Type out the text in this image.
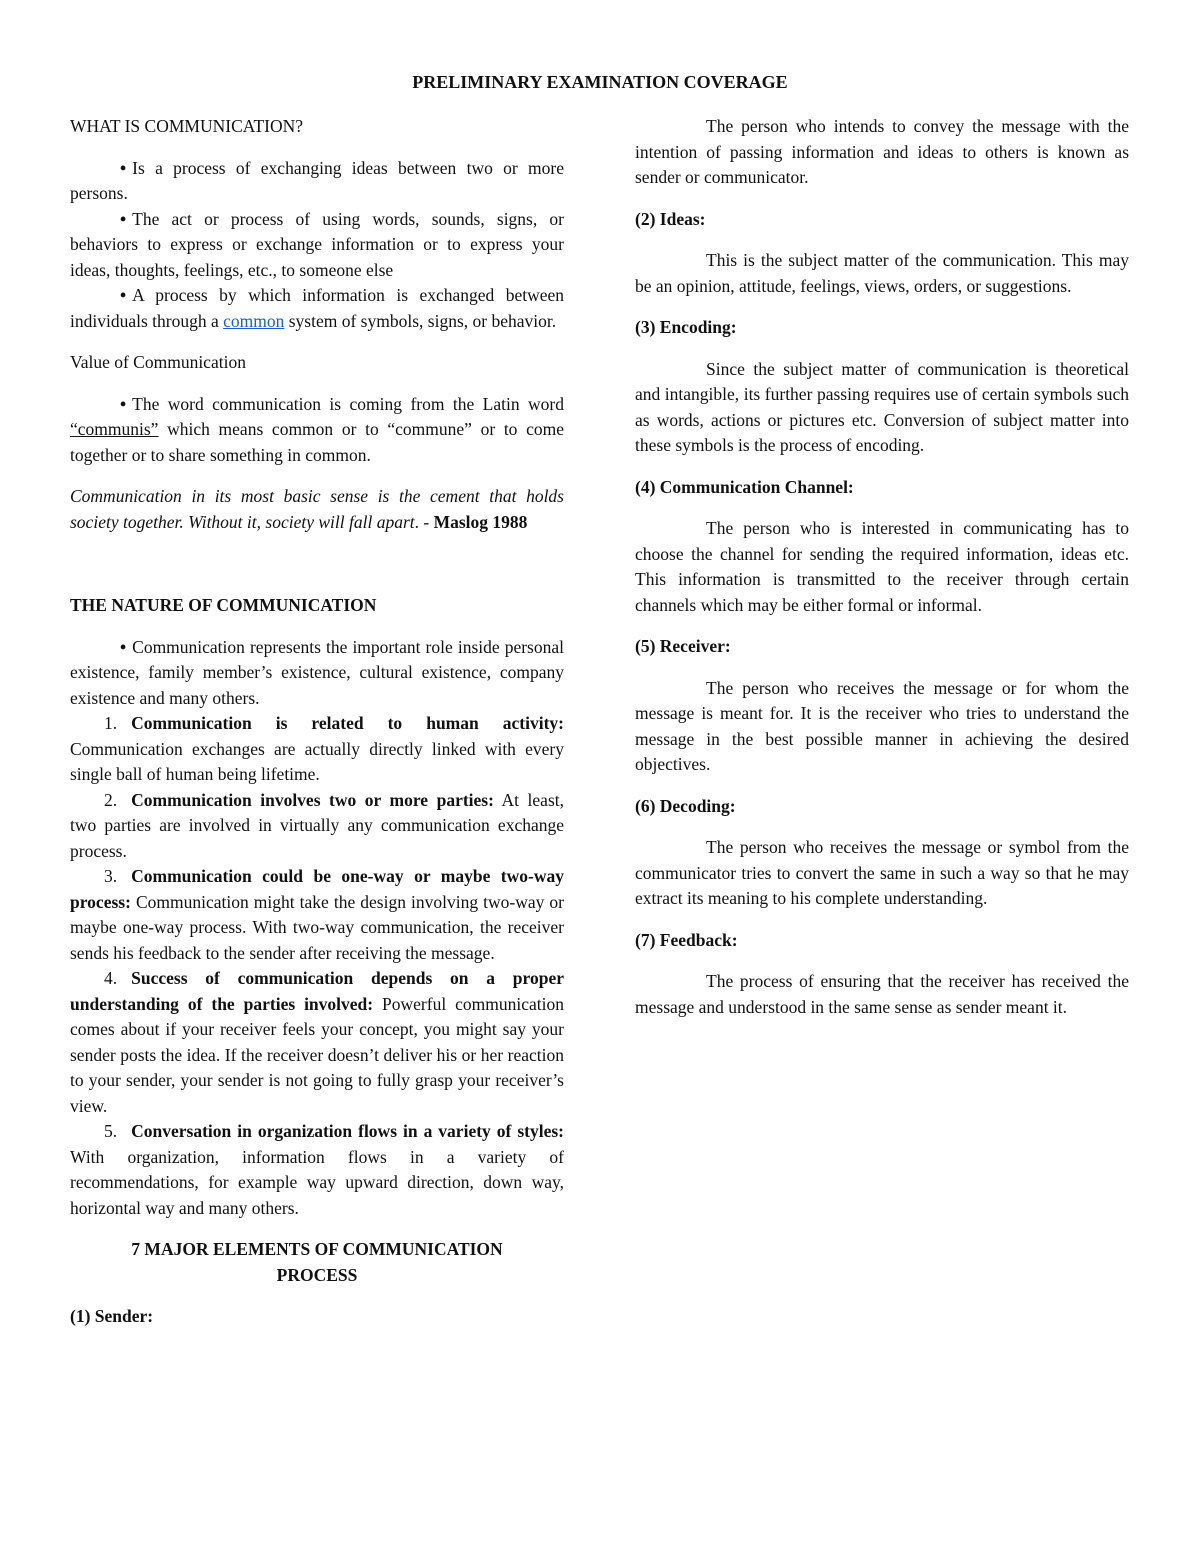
PRELIMINARY EXAMINATION COVERAGE

WHAT IS COMMUNICATION?

• Is a process of exchanging ideas between two or more persons.

• The act or process of using words, sounds, signs, or behaviors to express or exchange information or to express your ideas, thoughts, feelings, etc., to someone else

• A process by which information is exchanged between individuals through a common system of symbols, signs, or behavior.

Value of Communication

• The word communication is coming from the Latin word “communis” which means common or to “commune” or to come together or to share something in common.

Communication in its most basic sense is the cement that holds society together. Without it, society will fall apart. - Maslog 1988

THE NATURE OF COMMUNICATION

• Communication represents the important role inside personal existence, family member’s existence, cultural existence, company existence and many others.

1. Communication is related to human activity: Communication exchanges are actually directly linked with every single ball of human being lifetime.

2. Communication involves two or more parties: At least, two parties are involved in virtually any communication exchange process.

3. Communication could be one-way or maybe two-way process: Communication might take the design involving two-way or maybe one-way process. With two-way communication, the receiver sends his feedback to the sender after receiving the message.

4. Success of communication depends on a proper understanding of the parties involved: Powerful communication comes about if your receiver feels your concept, you might say your sender posts the idea. If the receiver doesn’t deliver his or her reaction to your sender, your sender is not going to fully grasp your receiver’s view.

5. Conversation in organization flows in a variety of styles: With organization, information flows in a variety of recommendations, for example way upward direction, down way, horizontal way and many others.

7 MAJOR ELEMENTS OF COMMUNICATION
PROCESS

(1) Sender:

The person who intends to convey the message with the intention of passing information and ideas to others is known as sender or communicator.

(2) Ideas:

This is the subject matter of the communication. This may be an opinion, attitude, feelings, views, orders, or suggestions.

(3) Encoding:

Since the subject matter of communication is theoretical and intangible, its further passing requires use of certain symbols such as words, actions or pictures etc. Conversion of subject matter into these symbols is the process of encoding.

(4) Communication Channel:

The person who is interested in communicating has to choose the channel for sending the required information, ideas etc. This information is transmitted to the receiver through certain channels which may be either formal or informal.

(5) Receiver:

The person who receives the message or for whom the message is meant for. It is the receiver who tries to understand the message in the best possible manner in achieving the desired objectives.

(6) Decoding:

The person who receives the message or symbol from the communicator tries to convert the same in such a way so that he may extract its meaning to his complete understanding.

(7) Feedback:

The process of ensuring that the receiver has received the message and understood in the same sense as sender meant it.
